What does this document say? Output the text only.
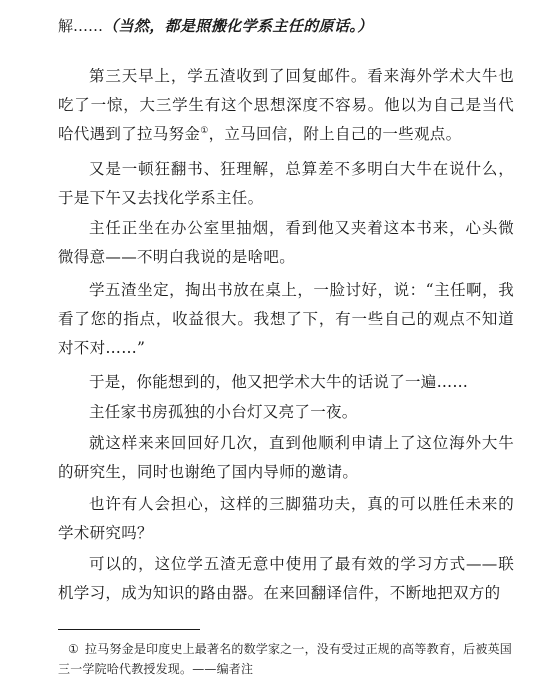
解……（当然，都是照搬化学系主任的原话。）

第三天早上，学五渣收到了回复邮件。看来海外学术大牛也吃了一惊，大三学生有这个思想深度不容易。他以为自己是当代哈代遇到了拉马努金①，立马回信，附上自己的一些观点。

又是一顿狂翻书、狂理解，总算差不多明白大牛在说什么，于是下午又去找化学系主任。

主任正坐在办公室里抽烟，看到他又夹着这本书来，心头微微得意——不明白我说的是啥吧。

学五渣坐定，掏出书放在桌上，一脸讨好，说：“主任啊，我看了您的指点，收益很大。我想了下，有一些自己的观点不知道对不对……”

于是，你能想到的，他又把学术大牛的话说了一遍……

主任家书房孤独的小台灯又亮了一夜。

就这样来来回回好几次，直到他顺利申请上了这位海外大牛的研究生，同时也谢绝了国内导师的邀请。

也许有人会担心，这样的三脚猫功夫，真的可以胜任未来的学术研究吗？

可以的，这位学五渣无意中使用了最有效的学习方式——联机学习，成为知识的路由器。在来回翻译信件，不断地把双方的

① 拉马努金是印度史上最著名的数学家之一，没有受过正规的高等教育，后被英国三一学院哈代教授发现。——编者注
